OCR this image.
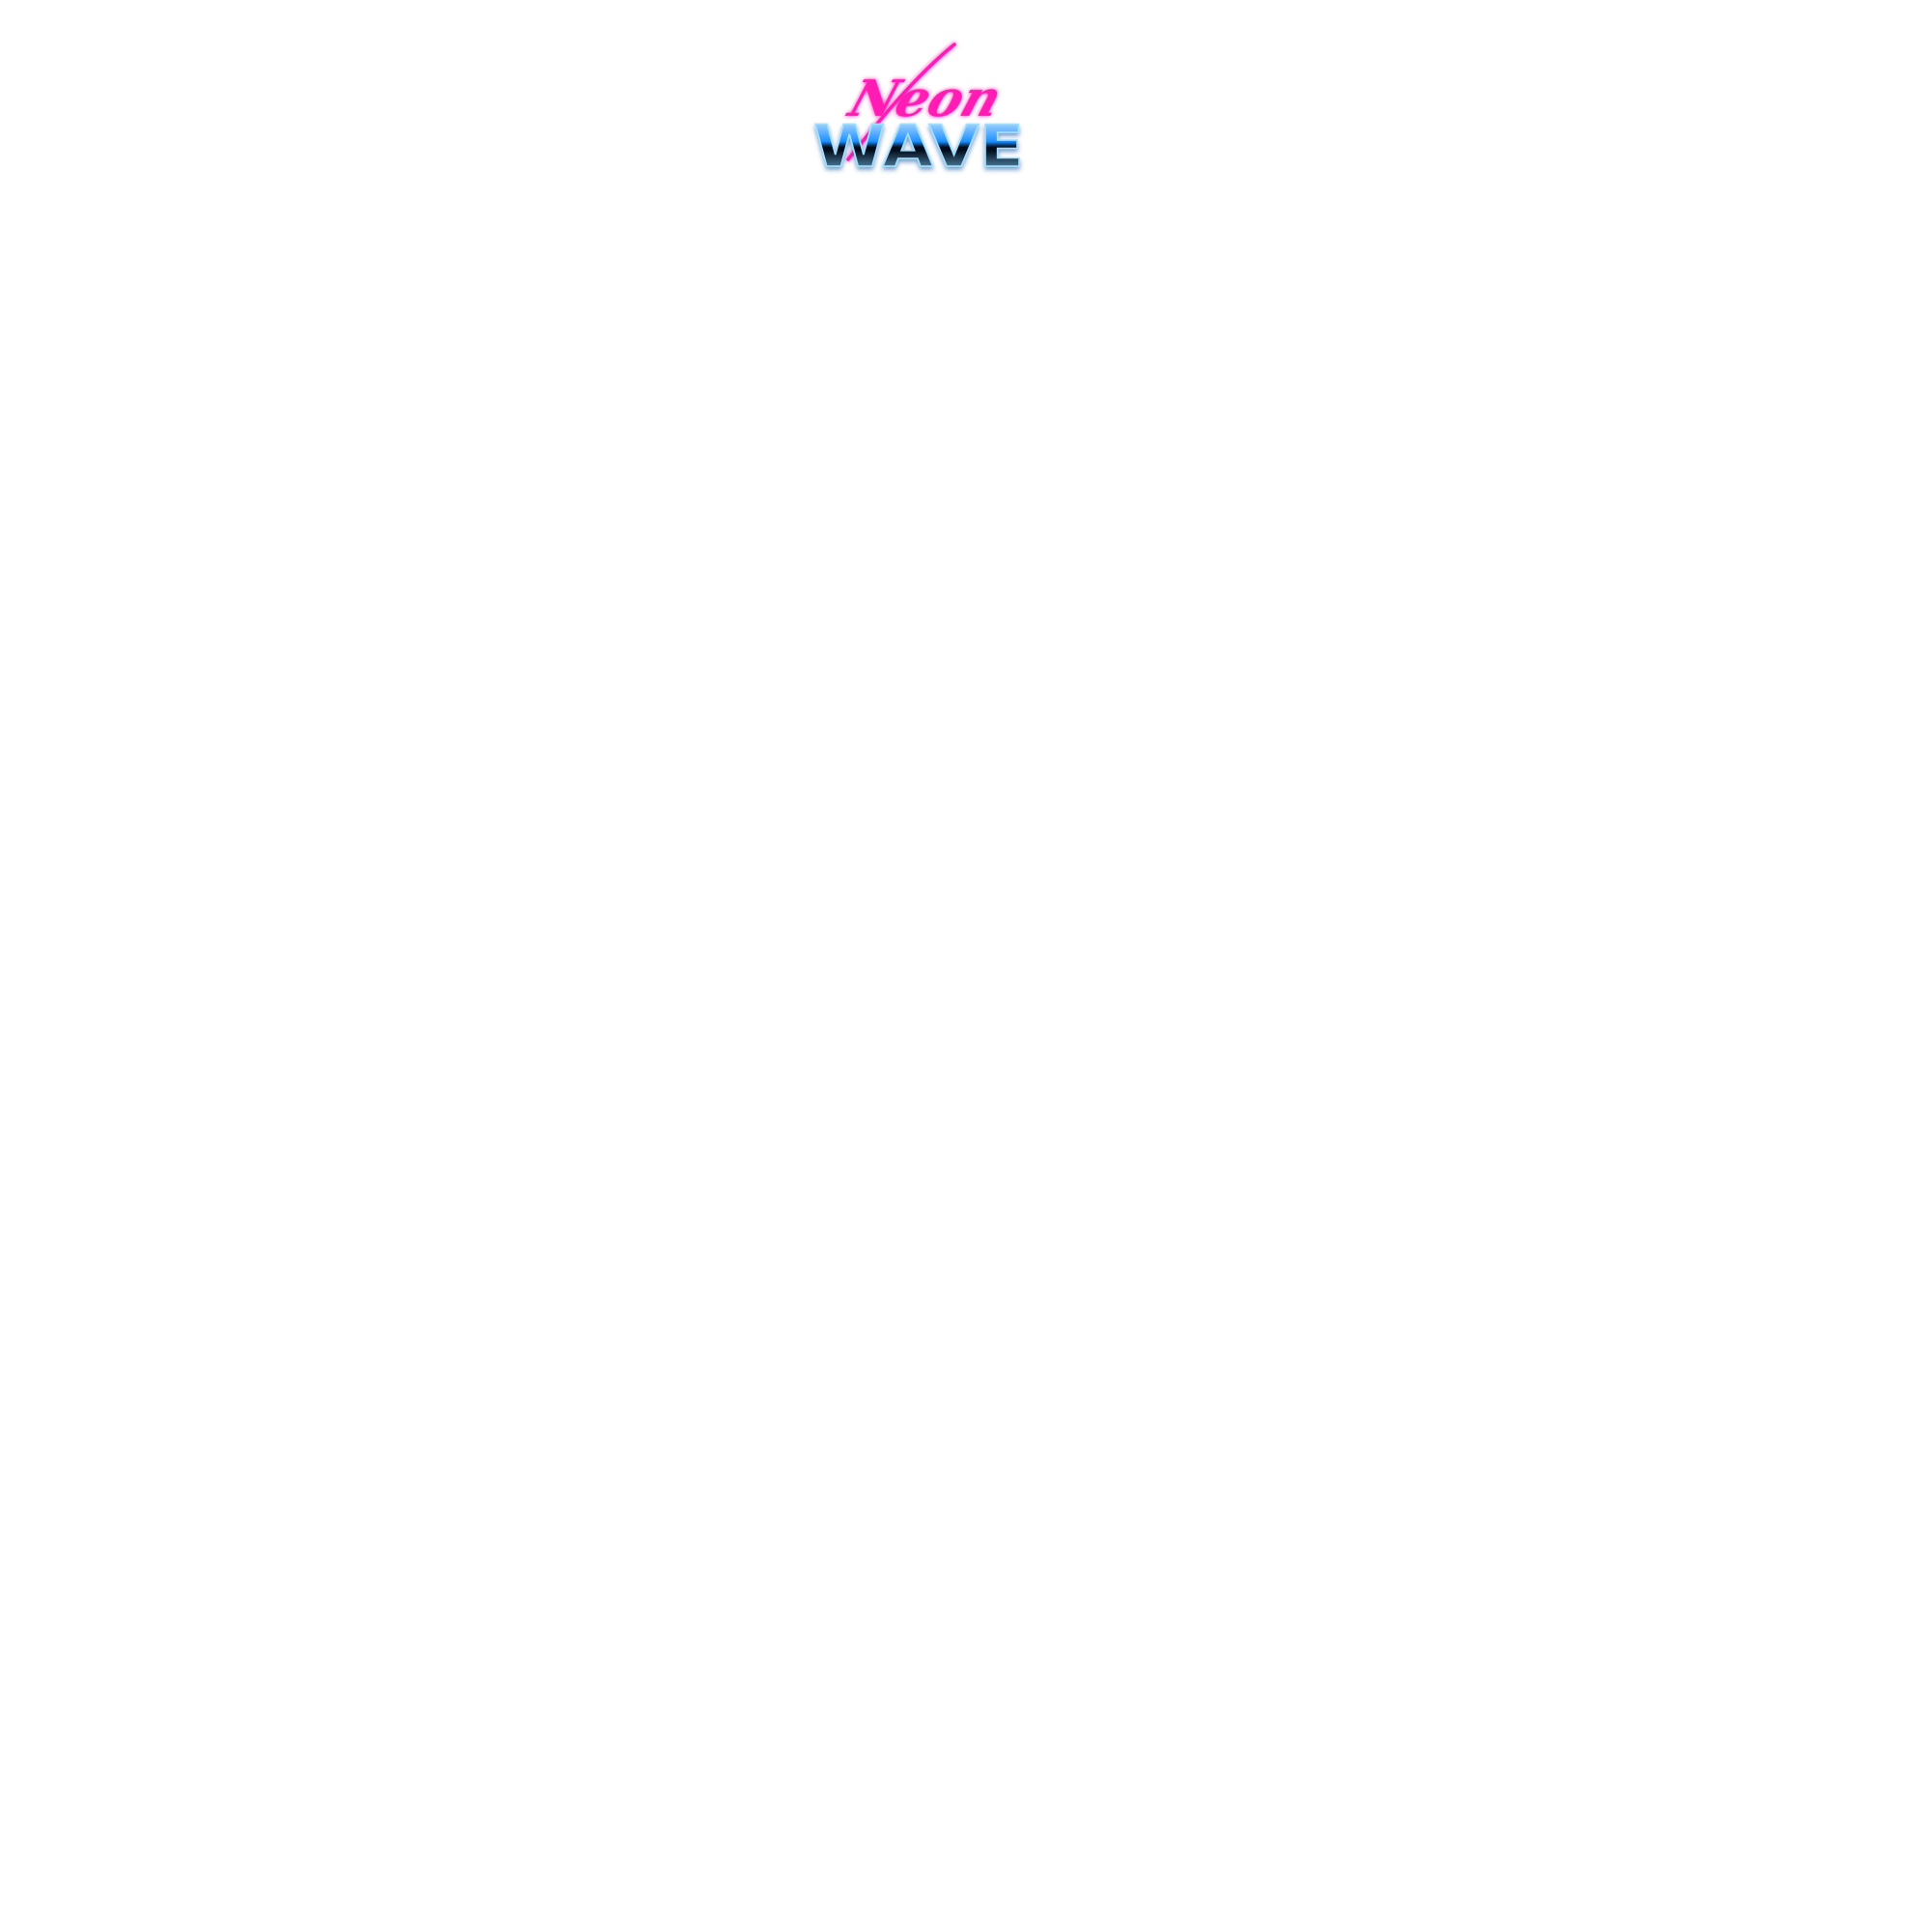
Neon
WAVE
